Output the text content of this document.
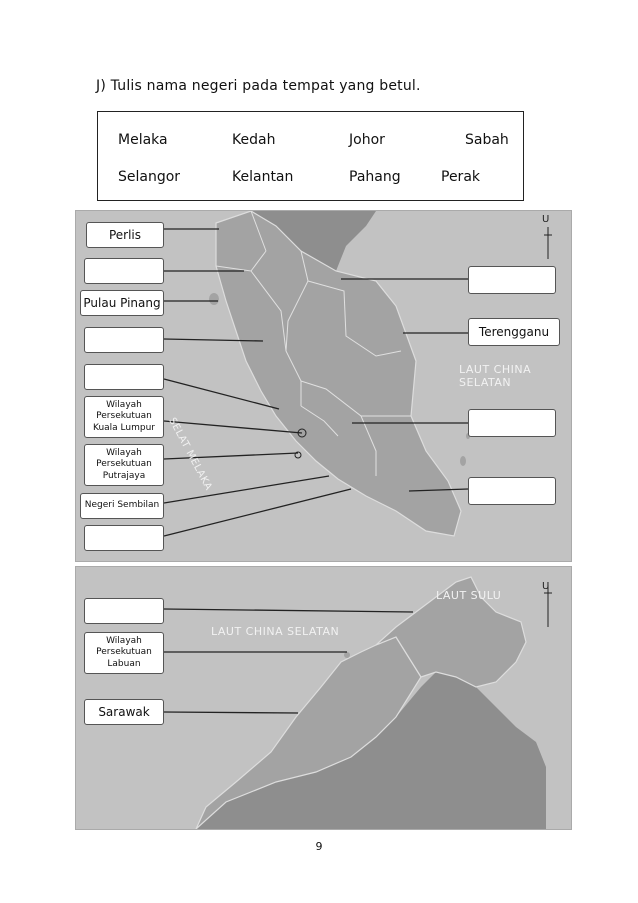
J) Tulis nama negeri pada tempat yang betul.
Melaka	Kedah	Johor	Sabah
Selangor	Kelantan	Pahang	Perak
U
SELAT MELAKA
LAUT CHINA SELATAN
Perlis
Pulau Pinang
Wilayah Persekutuan Kuala Lumpur
Wilayah Persekutuan Putrajaya
Negeri Sembilan
Terengganu
U
LAUT CHINA SELATAN
LAUT SULU
Wilayah Persekutuan Labuan
Sarawak
9
